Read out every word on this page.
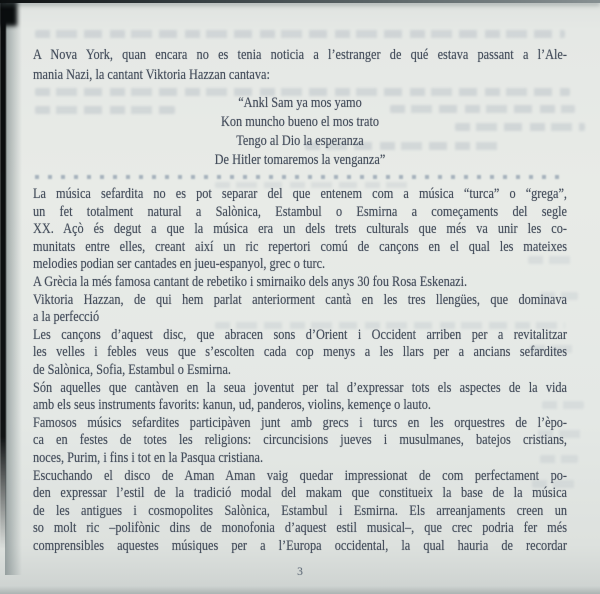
A Nova York, quan encara no es tenia noticia a l’estranger de qué estava passant a l’Ale-
mania Nazi, la cantant Viktoria Hazzan cantava:
“Ankl Sam ya mos yamo
Kon muncho bueno el mos trato
Tengo al Dio la esperanza
De Hitler tomaremos la venganza”
La música sefardita no es pot separar del que entenem com a música “turca” o “grega”,
un fet totalment natural a Salònica, Estambul o Esmirna a começaments del segle
XX. Açò és degut a que la música era un dels trets culturals que més va unir les co-
munitats entre elles, creant així un ric repertori comú de cançons en el qual les mateixes
melodies podian ser cantades en jueu-espanyol, grec o turc.
A Grècia la més famosa cantant de rebetiko i smirnaiko dels anys 30 fou Rosa Eskenazi.
Viktoria Hazzan, de qui hem parlat anteriorment cantà en les tres llengües, que dominava
a la perfecció
Les cançons d’aquest disc, que abracen sons d’Orient i Occident arriben per a revitalitzar
les velles i febles veus que s’escolten cada cop menys a les llars per a ancians sefardites
de Salònica, Sofia, Estambul o Esmirna.
Són aquelles que cantàven en la seua joventut per tal d’expressar tots els aspectes de la vida
amb els seus instruments favorits: kanun, ud, panderos, violins, kemençe o lauto.
Famosos músics sefardites participàven junt amb grecs i turcs en les orquestres de l’èpo-
ca en festes de totes les religions: circuncisions jueves i musulmanes, batejos cristians,
noces, Purim, i fins i tot en la Pasqua cristiana.
Escuchando el disco de Aman Aman vaig quedar impressionat de com perfectament po-
den expressar l’estil de la tradició modal del makam que constitueix la base de la música
de les antigues i cosmopolites Salònica, Estambul i Esmirna. Els arreanjaments creen un
so molt ric –polifònic dins de monofonia d’aquest estil musical–, que crec podria fer més
comprensibles aquestes músiques per a l’Europa occidental, la qual hauria de recordar
3
